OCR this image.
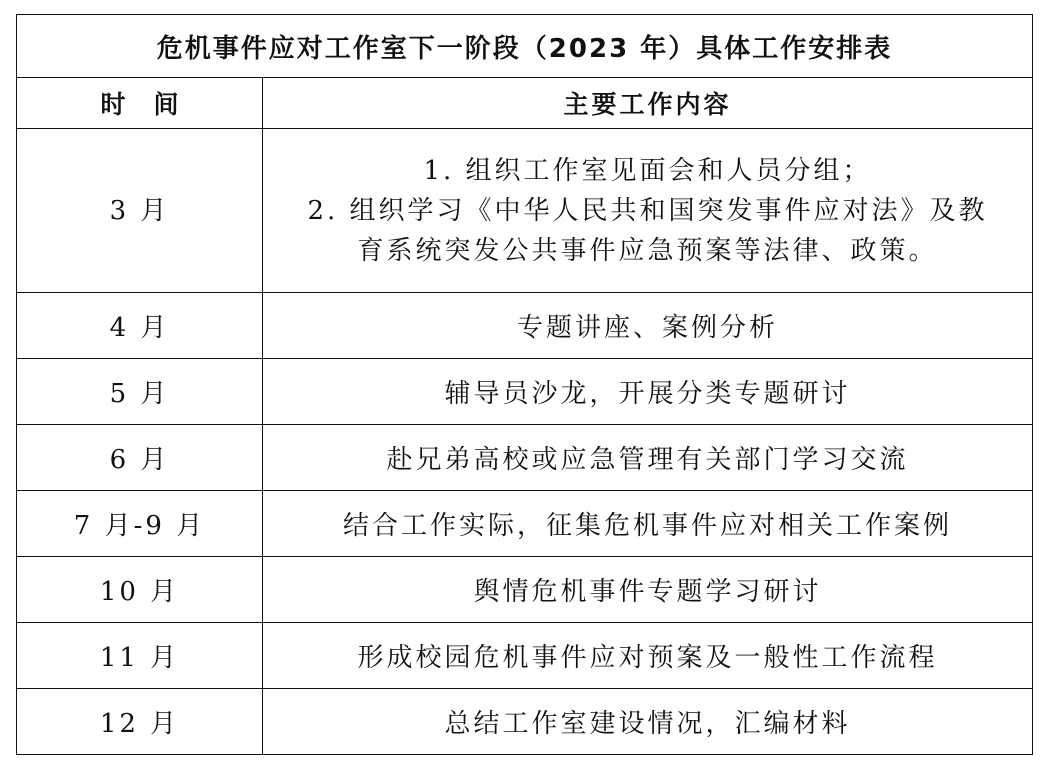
危机事件应对工作室下一阶段（2023 年）具体工作安排表	
时间	主要工作内容
3 月	1. 组织工作室见面会和人员分组；
2. 组织学习《中华人民共和国突发事件应对法》及教
育系统突发公共事件应急预案等法律、政策。

4 月	专题讲座、案例分析
5 月	辅导员沙龙，开展分类专题研讨
6 月	赴兄弟高校或应急管理有关部门学习交流
7 月-9 月	结合工作实际，征集危机事件应对相关工作案例
10 月	舆情危机事件专题学习研讨
11 月	形成校园危机事件应对预案及一般性工作流程
12 月	总结工作室建设情况，汇编材料
